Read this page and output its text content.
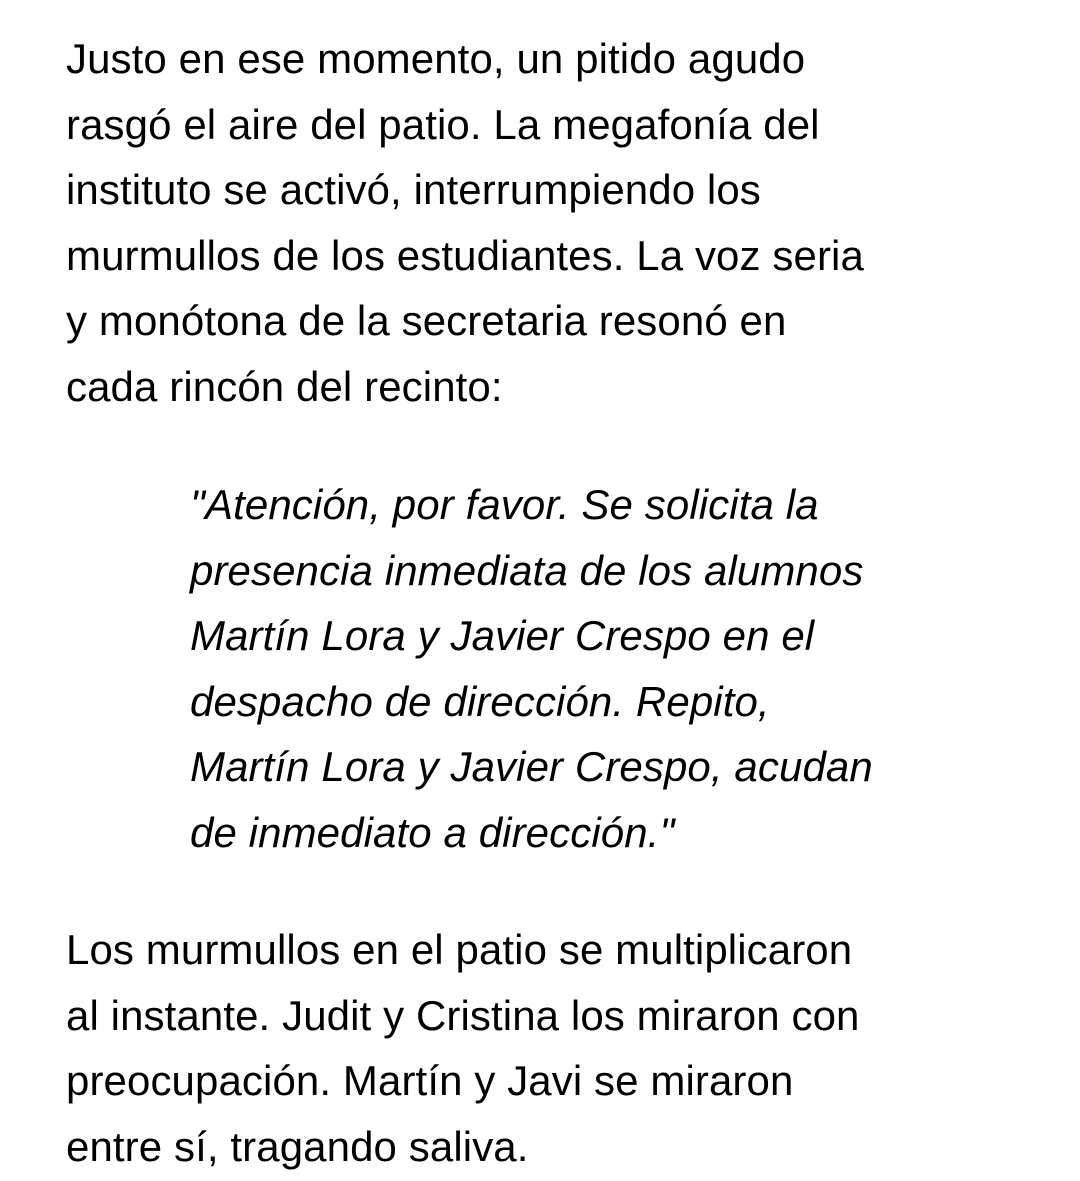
Justo en ese momento, un pitido agudo
rasgó el aire del patio. La megafonía del
instituto se activó, interrumpiendo los
murmullos de los estudiantes. La voz seria
y monótona de la secretaria resonó en
cada rincón del recinto:

"Atención, por favor. Se solicita la
presencia inmediata de los alumnos
Martín Lora y Javier Crespo en el
despacho de dirección. Repito,
Martín Lora y Javier Crespo, acudan
de inmediato a dirección."

Los murmullos en el patio se multiplicaron
al instante. Judit y Cristina los miraron con
preocupación. Martín y Javi se miraron
entre sí, tragando saliva.
